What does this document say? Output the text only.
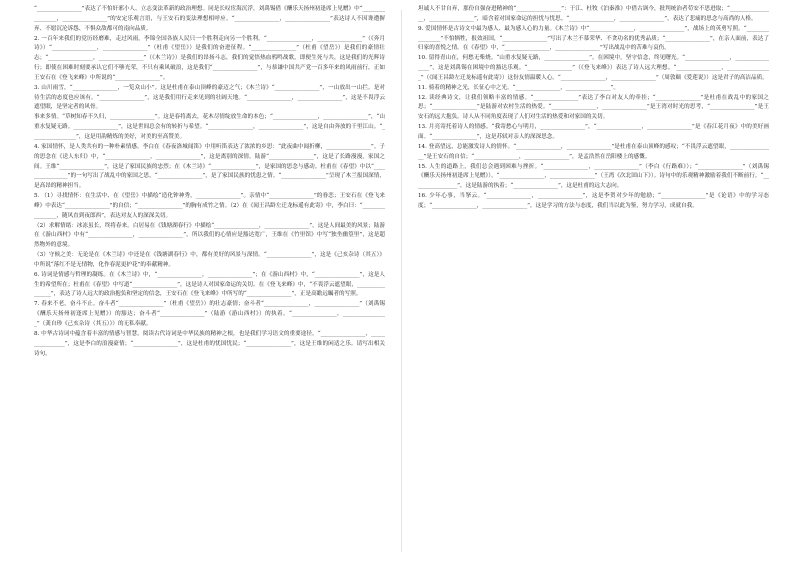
“________________”表达了不怕奸邪小人、立志变法革新的政治理想。同是长叹宦海沉浮，刘禹锡借《酬乐天扬州初逢席上见赠》中“________________，________________”的安定乐观言语，与王安石的变法理想相呼应。“________________，________________”表达诗人不因谗遭摒弃、不愿沉沦诉怨、不惧众敌都可的南向品质。

2. 一百年来我们的党历经磨难，走过风雨。李锦全国各族人民只一个胜利走向另一个胜利。“________________，________________”（《奔月诗》）“________________，________________”（杜甫《望岳》）是我们的奋进征程。“________________”（杜甫《望岳》）是我们的豪情壮志；“________________，________________”（《木兰诗》）是我们的昂扬斗志，我们的觉悟热血鸦鸣战歌，即便生死与共，这是我们的光辉诗行；即使在困难时刻要承认它们不够光荣，不只有乘风破浪，这是我们“________________”，与恭谦中国共产党一百多年来的风雨前行，正如王安石在《登飞来峰》中所说的“________________”。

3. 山川雨雪，“________________，一览众山小”。这是杜甫在泰山顶峰的豪迈之气；《木兰诗》“________________”，一山放出一山拦。是对待生活的态度也应该有。“________________”，这是我们用行走来见到的壮阔天地。“________________，________________”，这是不畏浮云遮望眼，是坚定者的风骨。

事来多情。“草树知春不久归，________________”。这是春将离去，花木尽情绽放生命的本色；“________________，________________”，“山重水复疑无路。________________”，这是世间总会有的转折与希望。“________________，________________”，这是自由奔放的千里江山。“________________”，这是用韵精炼的美好，对美的至高赞美。

4. 家国情怀，是人类共有的一种朴素情感。李白在《春夜洛城闻笛》中用听笛表达了浓浓的乡思：“此夜曲中闻折柳，________________”。子的思念在《送人东归》中，“________________，________________”，这是离别的深情。陆游“________________”，这是了长路漫漫，家国之间。王维“________________”，这是了家国民族的忠烈；在《木兰诗》“________________”，是家国的思念与感动。杜甫在《春望》中以“________________”的一句写出了战乱中的家国之思，“________________”，是了家国民族的忧患之情。“________________”呈现了木兰报国深情，是高昂的精神担当。

5. （1）寻找情怀：在生活中、在《望岳》中描绘“造化钟神秀，________________”。亲情中“________________”的眷恋；王安石在《登飞来峰》中表达“________________”的自信；“________________”的胸有成竹之情。（2）在《闻王昌龄左迁龙标遥有此寄》中，李白曰：“________________，随风直到夜郎西”，表达对友人的深深关切。

（2）求解情绪：冰冻虽长，终将春来。白居易在《钱塘湖春行》中描绘“________________，________________”，这是人间最美的风景；陆游在《游山西村》中有“________________，________________”，所以我们的心情应是豁达宽广，王维在《竹里馆》中写“独坐幽篁里”，这是超然物外的意境。

（3）守候之美：无论是在《木兰诗》中还是在《钱塘湖春行》中，都有美好的风景与深情。“________________”，这是《己亥杂诗（其五）》中所说“落红不是无情物，化作春泥更护花”的奉献精神。

6. 诗词是情感与哲理的凝练。在《木兰诗》中，“________________，________________”；在《游山西村》中，“________________”，这是人生的希望所在；杜甫在《春望》中写道“________________”，这是诗人对国家命运的关切。在《登飞来峰》中，“不畏浮云遮望眼，________________”，表达了诗人远大的政治抱负和坚定的信念，王安石在《登飞来峰》中所写的“________________”，正是高瞻远瞩者的写照。

7. 春来不老，奋斗不止。奋斗者“________________”（杜甫《望岳》）的壮志豪情；奋斗者“________________，________________”（刘禹锡《酬乐天扬州初逢席上见赠》）的豁达；奋斗者“________________”（陆游《游山西村》）的执着。“________________，________________”（龚自珍《己亥杂诗（其五）》）的无私奉献。

8. 中华古诗词中蕴含着丰富的情感与智慧，阅读古代诗词是中华民族的精神之根，也是我们学习语文的重要途径。“________________，________________”，这是李白的浪漫豪情；“________________”，这是杜甫的忧国忧民；“________________”，这是王维的闲适之乐。请写出相关诗句。

坦诚人不甘自弃，那份自强奋进精神的“________________”：于江、杜牧《泊秦淮》中借古讽今，批判统治者苟安不思进取；“________________，________________”，暗含着对国家命运的担忧与忧思。“________________，________________”，表达了悲痛的思念与高尚的人格。

9. 爱国情怀是古诗文中最为感人、最为感人心的力量。《木兰诗》中“________________，________________”，战场上的英勇写照。“________________”不怕牺牲，报效祖国，“________________”写出了木兰不慕荣华、不贪功名的优秀品质；“________________”，在亲人面前，表达了归家的喜悦之情。在《春望》中，“________________，________________”写出战乱中的苦难与哀伤。

10. 留得青山在，何愁无柴烧。“山重水复疑无路，________________”。在困境中，坚守信念，终见曙光。“________________，________________”，这是刘禹锡在困境中的豁达乐观。“________________”（《登飞来峰》）表达了诗人远大理想。“________________，________________”（《闻王昌龄左迁龙标遥有此寄》）这份友情温暖人心。“________________，________________”（周敦颐《爱莲说》）这是君子的高洁品质。

11. 骑着的精神之光，长征心中之光。“________________，________________”。

12. 读经典诗文，让我们领略丰富的情感。“________________”表达了李白对友人的牵挂；“________________”是杜甫在战乱中的家国之思；“________________”是陆游对农村生活的热爱。“________________，________________”是王湾对时光的思考，“________________”是王安石的远大抱负。诗人从不同角度表现了人们对生活的热爱和对家国的关切。

13. 月亮寄托着诗人的情感。“我寄愁心与明月，________________”，“________________，________________”是《春江花月夜》中的美好画面。“________________”，这是苏轼对亲人的深深思念。

14. 登高望远，总能激发诗人的情怀。“________________，________________”是杜甫在泰山顶峰的感叹；“不畏浮云遮望眼，________________”是王安石的自信；“________________，________________”，是孟浩然在岳阳楼上的感慨。

15. 人生的道路上，我们总会遇到困难与挫折。“________________，________________”（李白《行路难》）；“________________”（刘禹锡《酬乐天扬州初逢席上见赠》）。“________________，________________”（王湾《次北固山下》）。诗句中的乐观精神激励着我们不断前行。“________________”，这是陆游的执着；“________________”，这是杜甫的远大志向。

16. 少年心事，当拏云。“________________，________________”，这是李贺对少年的勉励；“________________”是《论语》中的学习态度；“________________，________________”，这是学习的方法与态度，我们当以此为鉴，努力学习，成就自我。
